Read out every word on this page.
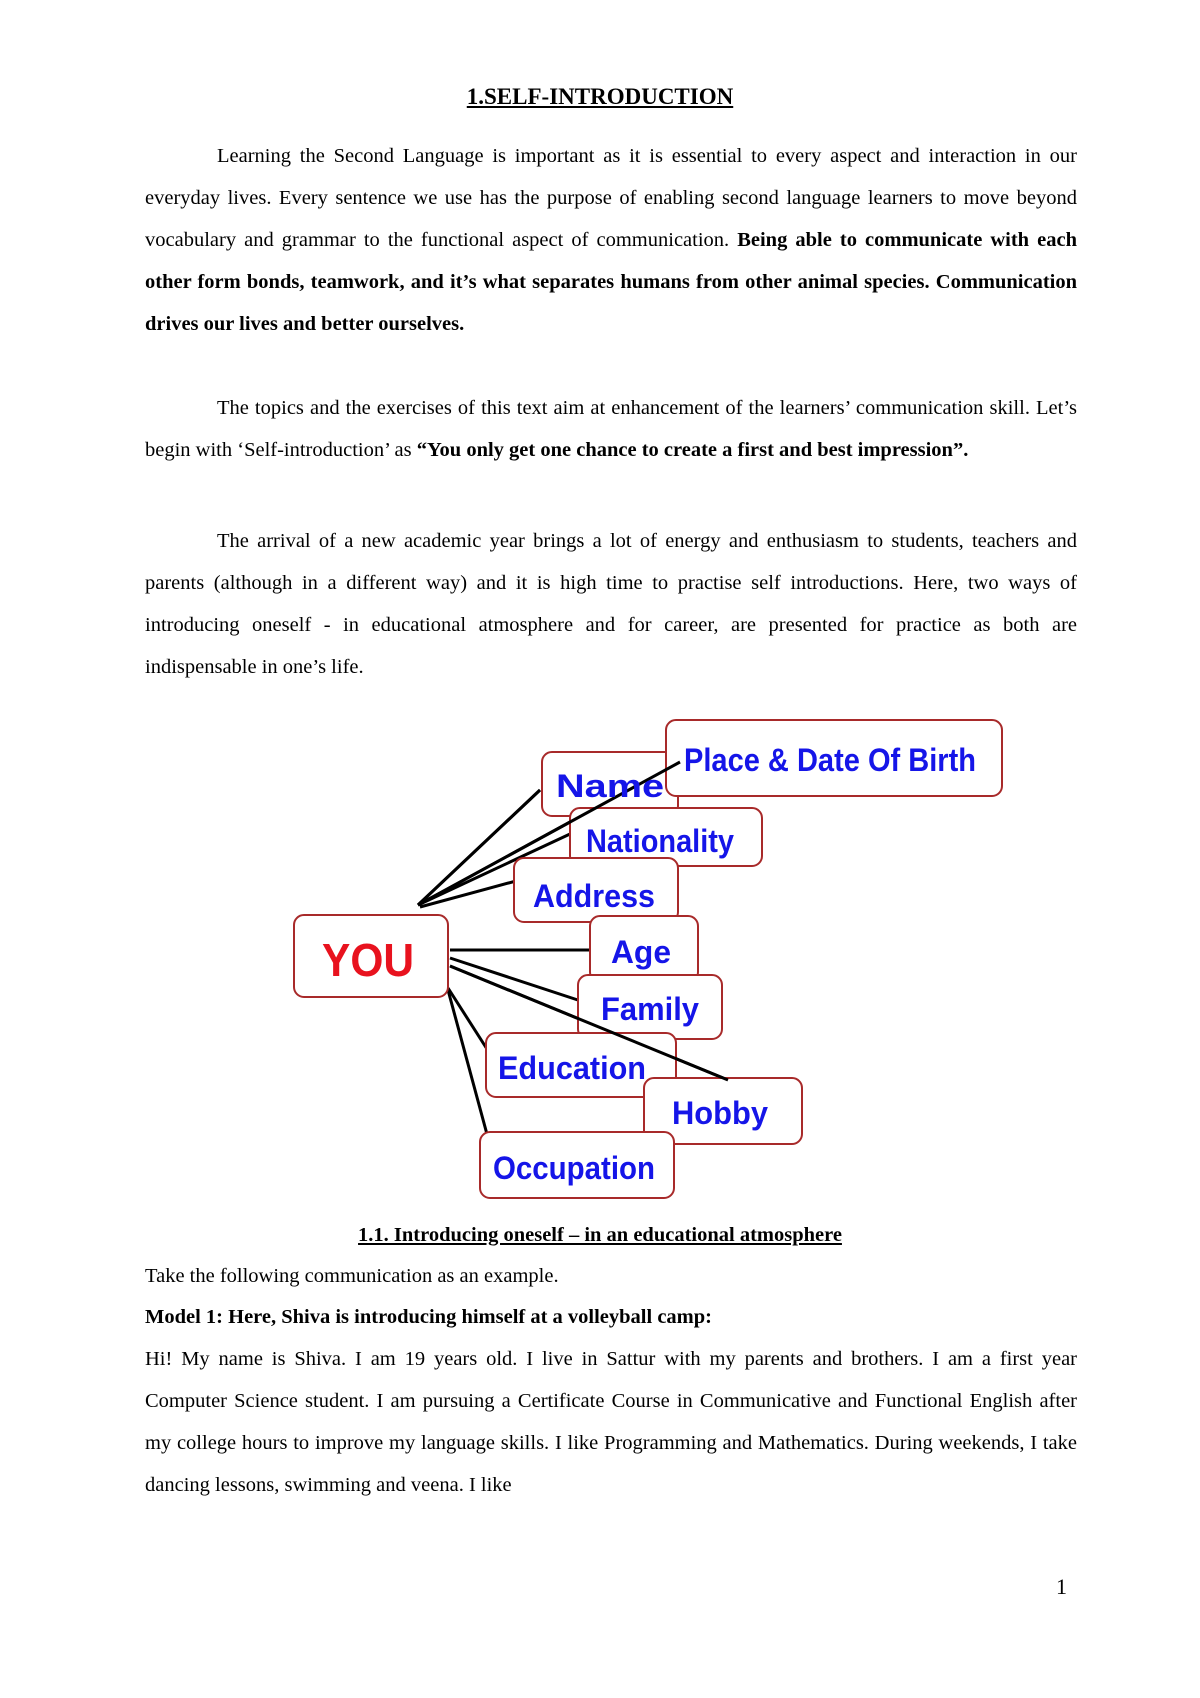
1.SELF-INTRODUCTION

Learning the Second Language is important as it is essential to every aspect and interaction in our everyday lives. Every sentence we use has the purpose of enabling second language learners to move beyond vocabulary and grammar to the functional aspect of communication. Being able to communicate with each other form bonds, teamwork, and it’s what separates humans from other animal species. Communication drives our lives and better ourselves.

The topics and the exercises of this text aim at enhancement of the learners’ communication skill. Let’s begin with ‘Self-introduction’ as “You only get one chance to create a first and best impression”.

The arrival of a new academic year brings a lot of energy and enthusiasm to students, teachers and parents (although in a different way) and it is high time to practise self introductions. Here, two ways of introducing oneself - in educational atmosphere and for career, are presented for practice as both are indispensable in one’s life.

Name
Place & Date Of Birth
Nationality
Address
Age
Family
Education
Hobby
Occupation
YOU
1.1. Introducing oneself – in an educational atmosphere

Take the following communication as an example.

Model 1: Here, Shiva is introducing himself at a volleyball camp:

Hi! My name is Shiva. I am 19 years old. I live in Sattur with my parents and brothers. I am a first year Computer Science student. I am pursuing a Certificate Course in Communicative and Functional English after my college hours to improve my language skills. I like Programming and Mathematics. During weekends, I take dancing lessons, swimming and veena. I like

1
